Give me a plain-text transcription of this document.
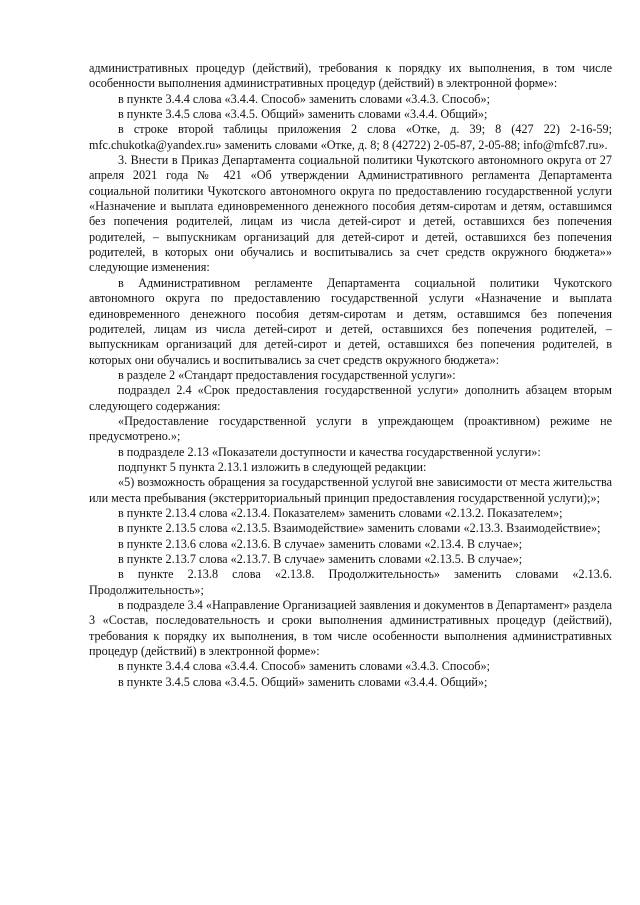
административных процедур (действий), требования к порядку их выполнения, в том числе особенности выполнения административных процедур (действий) в электронной форме»:

в пункте 3.4.4 слова «3.4.4. Способ» заменить словами «3.4.3. Способ»;

в пункте 3.4.5 слова «3.4.5. Общий» заменить словами «3.4.4. Общий»;

в строке второй таблицы приложения 2 слова «Отке, д. 39; 8 (427 22) 2-16-59; mfc.chukotka@yandex.ru» заменить словами «Отке, д. 8; 8 (42722) 2-05-87, 2-05-88; info@mfc87.ru».

3. Внести в Приказ Департамента социальной политики Чукотского автономного округа от 27 апреля 2021 года № 421 «Об утверждении Административного регламента Департамента социальной политики Чукотского автономного округа по предоставлению государственной услуги «Назначение и выплата единовременного денежного пособия детям-сиротам и детям, оставшимся без попечения родителей, лицам из числа детей-сирот и детей, оставшихся без попечения родителей, – выпускникам организаций для детей-сирот и детей, оставшихся без попечения родителей, в которых они обучались и воспитывались за счет средств окружного бюджета»» следующие изменения:

в Административном регламенте Департамента социальной политики Чукотского автономного округа по предоставлению государственной услуги «Назначение и выплата единовременного денежного пособия детям-сиротам и детям, оставшимся без попечения родителей, лицам из числа детей-сирот и детей, оставшихся без попечения родителей, – выпускникам организаций для детей-сирот и детей, оставшихся без попечения родителей, в которых они обучались и воспитывались за счет средств окружного бюджета»:

в разделе 2 «Стандарт предоставления государственной услуги»:

подраздел 2.4 «Срок предоставления государственной услуги» дополнить абзацем вторым следующего содержания:

«Предоставление государственной услуги в упреждающем (проактивном) режиме не предусмотрено.»;

в подразделе 2.13 «Показатели доступности и качества государственной услуги»:

подпункт 5 пункта 2.13.1 изложить в следующей редакции:

«5) возможность обращения за государственной услугой вне зависимости от места жительства или места пребывания (экстерриториальный принцип предоставления государственной услуги);»;

в пункте 2.13.4 слова «2.13.4. Показателем» заменить словами «2.13.2. Показателем»;

в пункте 2.13.5 слова «2.13.5. Взаимодействие» заменить словами «2.13.3. Взаимодействие»;

в пункте 2.13.6 слова «2.13.6. В случае» заменить словами «2.13.4. В случае»;

в пункте 2.13.7 слова «2.13.7. В случае» заменить словами «2.13.5. В случае»;

в пункте 2.13.8 слова «2.13.8. Продолжительность» заменить словами «2.13.6. Продолжительность»;

в подразделе 3.4 «Направление Организацией заявления и документов в Департамент» раздела 3 «Состав, последовательность и сроки выполнения административных процедур (действий), требования к порядку их выполнения, в том числе особенности выполнения административных процедур (действий) в электронной форме»:

в пункте 3.4.4 слова «3.4.4. Способ» заменить словами «3.4.3. Способ»;

в пункте 3.4.5 слова «3.4.5. Общий» заменить словами «3.4.4. Общий»;
